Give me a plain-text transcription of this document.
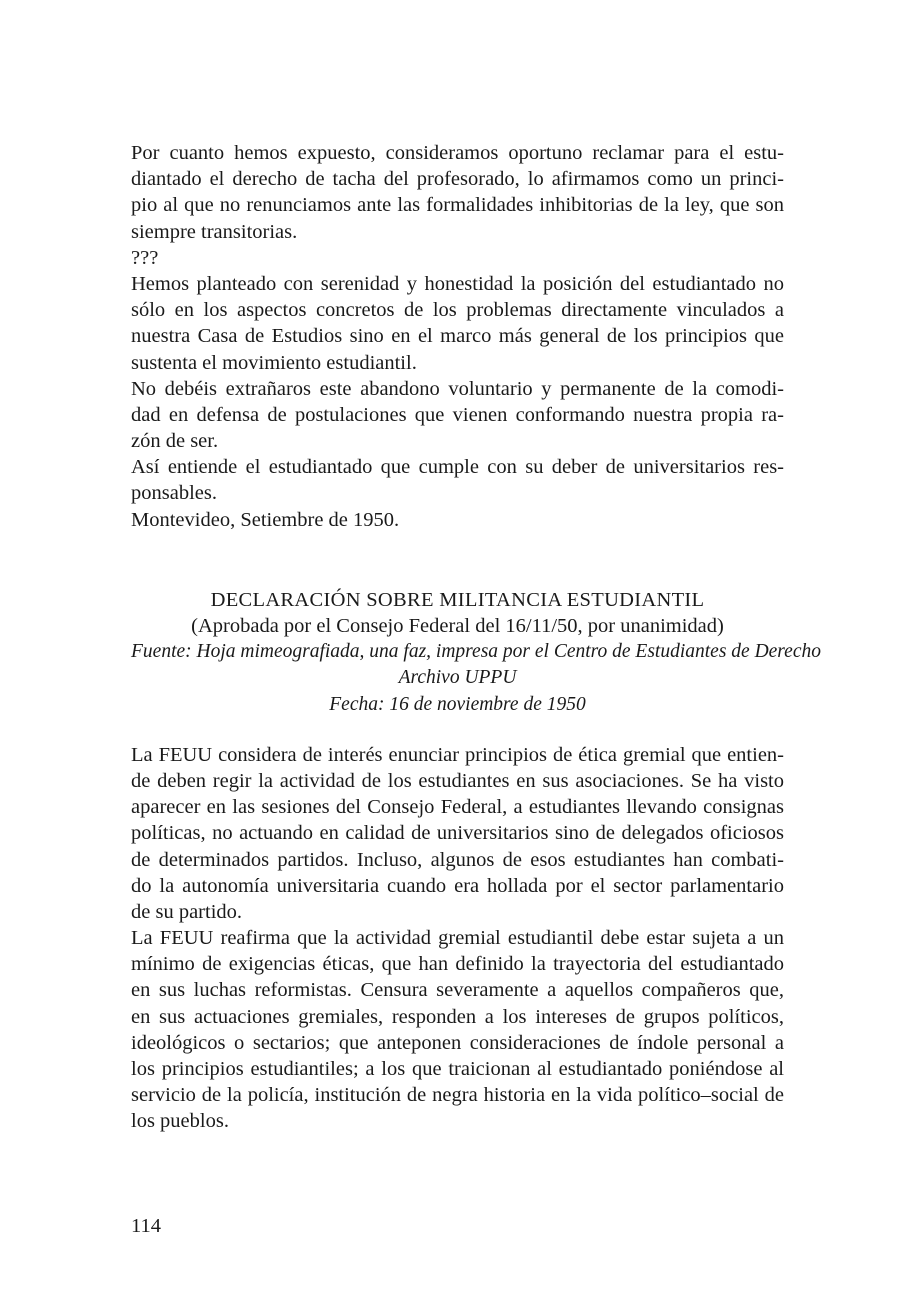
Por cuanto hemos expuesto, consideramos oportuno reclamar para el estu-
diantado el derecho de tacha del profesorado, lo afirmamos como un princi-
pio al que no renunciamos ante las formalidades inhibitorias de la ley, que son
siempre transitorias.
???
Hemos planteado con serenidad y honestidad la posición del estudiantado no
sólo en los aspectos concretos de los problemas directamente vinculados a
nuestra Casa de Estudios sino en el marco más general de los principios que
sustenta el movimiento estudiantil.
No debéis extrañaros este abandono voluntario y permanente de la comodi-
dad en defensa de postulaciones que vienen conformando nuestra propia ra-
zón de ser.
Así entiende el estudiantado que cumple con su deber de universitarios res-
ponsables.
Montevideo, Setiembre de 1950.
DECLARACIÓN SOBRE MILITANCIA ESTUDIANTIL
(Aprobada por el Consejo Federal del 16/11/50, por unanimidad)
Fuente: Hoja mimeografiada, una faz, impresa por el Centro de Estudiantes de Derecho
Archivo UPPU
Fecha: 16 de noviembre de 1950
La FEUU considera de interés enunciar principios de ética gremial que entien-
de deben regir la actividad de los estudiantes en sus asociaciones. Se ha visto
aparecer en las sesiones del Consejo Federal, a estudiantes llevando consignas
políticas, no actuando en calidad de universitarios sino de delegados oficiosos
de determinados partidos. Incluso, algunos de esos estudiantes han combati-
do la autonomía universitaria cuando era hollada por el sector parlamentario
de su partido.
La FEUU reafirma que la actividad gremial estudiantil debe estar sujeta a un
mínimo de exigencias éticas, que han definido la trayectoria del estudiantado
en sus luchas reformistas. Censura severamente a aquellos compañeros que,
en sus actuaciones gremiales, responden a los intereses de grupos políticos,
ideológicos o sectarios; que anteponen consideraciones de índole personal a
los principios estudiantiles; a los que traicionan al estudiantado poniéndose al
servicio de la policía, institución de negra historia en la vida político–social de
los pueblos.
114
